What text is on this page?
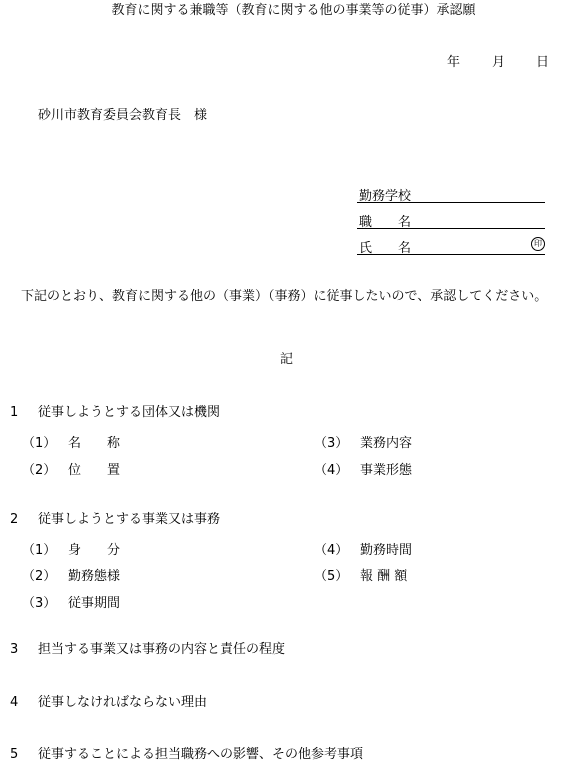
教育に関する兼職等（教育に関する他の事業等の従事）承認願
年 月 日
砂川市教育委員会教育長　様
勤務学校
職　　名
氏　　名	印
下記のとおり、教育に関する他の（事業）（事務）に従事したいので、承認してください。
記
1 従事しようとする団体又は機関
（1） 名　　称
（2） 位　　置
（3） 業務内容
（4） 事業形態
2 従事しようとする事業又は事務
（1） 身　　分
（2） 勤務態様
（3） 従事期間
（4） 勤務時間
（5） 報 酬 額
3 担当する事業又は事務の内容と責任の程度
4 従事しなければならない理由
5 従事することによる担当職務への影響、その他参考事項
